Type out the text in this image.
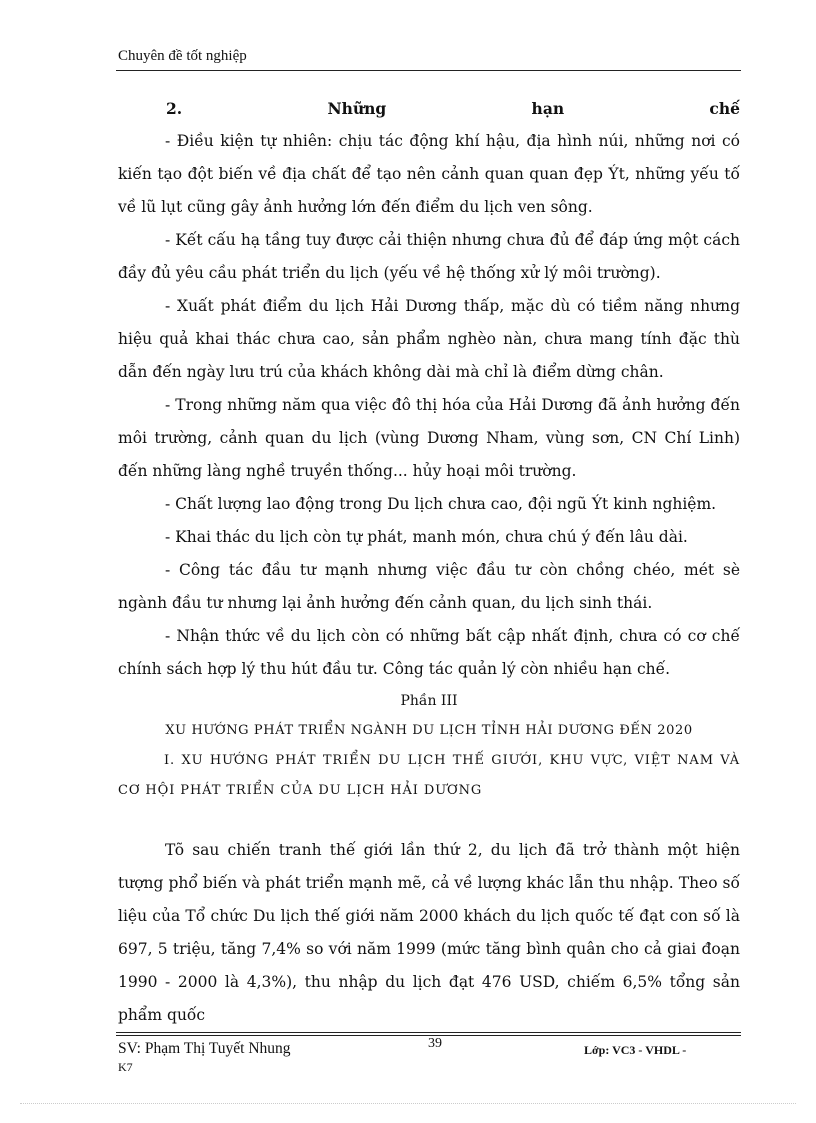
Chuyên đề tốt nghiệp
2.	Những	hạn	chế

- Điều kiện tự nhiên: chịu tác động khí hậu, địa hình núi, những nơi có kiến tạo đột biến về địa chất để tạo nên cảnh quan quan đẹp Ýt, những yếu tố về lũ lụt cũng gây ảnh hưởng lớn đến điểm du lịch ven sông.

- Kết cấu hạ tầng tuy được cải thiện nhưng chưa đủ để đáp ứng một cách đầy đủ yêu cầu phát triển du lịch (yếu về hệ thống xử lý môi trường).

- Xuất phát điểm du lịch Hải Dương thấp, mặc dù có tiềm năng nhưng hiệu quả khai thác chưa cao, sản phẩm nghèo nàn, chưa mang tính đặc thù dẫn đến ngày lưu trú của khách không dài mà chỉ là điểm dừng chân.

- Trong những năm qua việc đô thị hóa của Hải Dương đã ảnh hưởng đến môi trường, cảnh quan du lịch (vùng Dương Nham, vùng sơn, CN Chí Linh) đến những làng nghề truyền thống... hủy hoại môi trường.

- Chất lượng lao động trong Du lịch chưa cao, đội ngũ Ýt kinh nghiệm.

- Khai thác du lịch còn tự phát, manh món, chưa chú ý đến lâu dài.

- Công tác đầu tư mạnh nhưng việc đầu tư còn chồng chéo, mét sè ngành đầu tư nhưng lại ảnh hưởng đến cảnh quan, du lịch sinh thái.

- Nhận thức về du lịch còn có những bất cập nhất định, chưa có cơ chế chính sách hợp lý thu hút đầu tư. Công tác quản lý còn nhiều hạn chế.

Phần III
XU HƯỚNG PHÁT TRIỂN NGÀNH DU LỊCH TỈNH HẢI DƯƠNG ĐẾN 2020

I. XU HƯỚNG PHÁT TRIỂN DU LỊCH THẾ GIƯỚI, KHU VỰC, VIỆT NAM VÀ CƠ HỘI PHÁT TRIỂN CỦA DU LỊCH HẢI DƯƠNG

Tõ sau chiến tranh thế giới lần thứ 2, du lịch đã trở thành một hiện tượng phổ biến và phát triển mạnh mẽ, cả về lượng khác lẫn thu nhập. Theo số liệu của Tổ chức Du lịch thế giới năm 2000 khách du lịch quốc tế đạt con số là 697, 5 triệu, tăng 7,4% so với năm 1999 (mức tăng bình quân cho cả giai đoạn 1990 - 2000 là 4,3%), thu nhập du lịch đạt 476 USD, chiếm 6,5% tổng sản phẩm quốc

SV: Phạm Thị Tuyết Nhung
K7
39	Lớp: VC3 - VHDL -
